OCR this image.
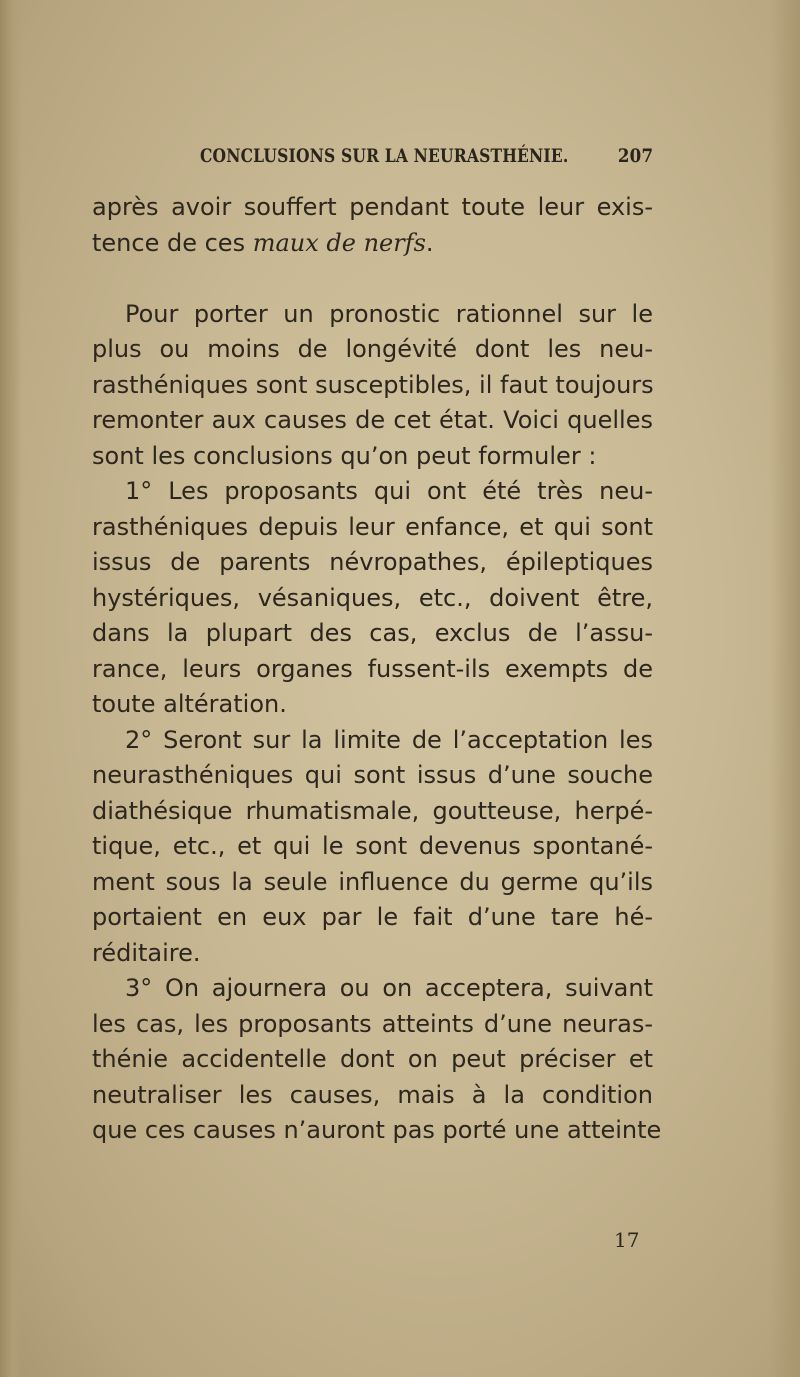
CONCLUSIONS SUR LA NEURASTHÉNIE.	207
après avoir souffert pendant toute leur exis-
tence de ces maux de nerfs.
Pour porter un pronostic rationnel sur le
plus ou moins de longévité dont les neu-
rasthéniques sont susceptibles, il faut toujours
remonter aux causes de cet état. Voici quelles
sont les conclusions qu’on peut formuler :
1° Les proposants qui ont été très neu-
rasthéniques depuis leur enfance, et qui sont
issus de parents névropathes, épileptiques
hystériques, vésaniques, etc., doivent être,
dans la plupart des cas, exclus de l’assu-
rance, leurs organes fussent-ils exempts de
toute altération.
2° Seront sur la limite de l’acceptation les
neurasthéniques qui sont issus d’une souche
diathésique rhumatismale, goutteuse, herpé-
tique, etc., et qui le sont devenus spontané-
ment sous la seule influence du germe qu’ils
portaient en eux par le fait d’une tare hé-
réditaire.
3° On ajournera ou on acceptera, suivant
les cas, les proposants atteints d’une neuras-
thénie accidentelle dont on peut préciser et
neutraliser les causes, mais à la condition
que ces causes n’auront pas porté une atteinte
17
